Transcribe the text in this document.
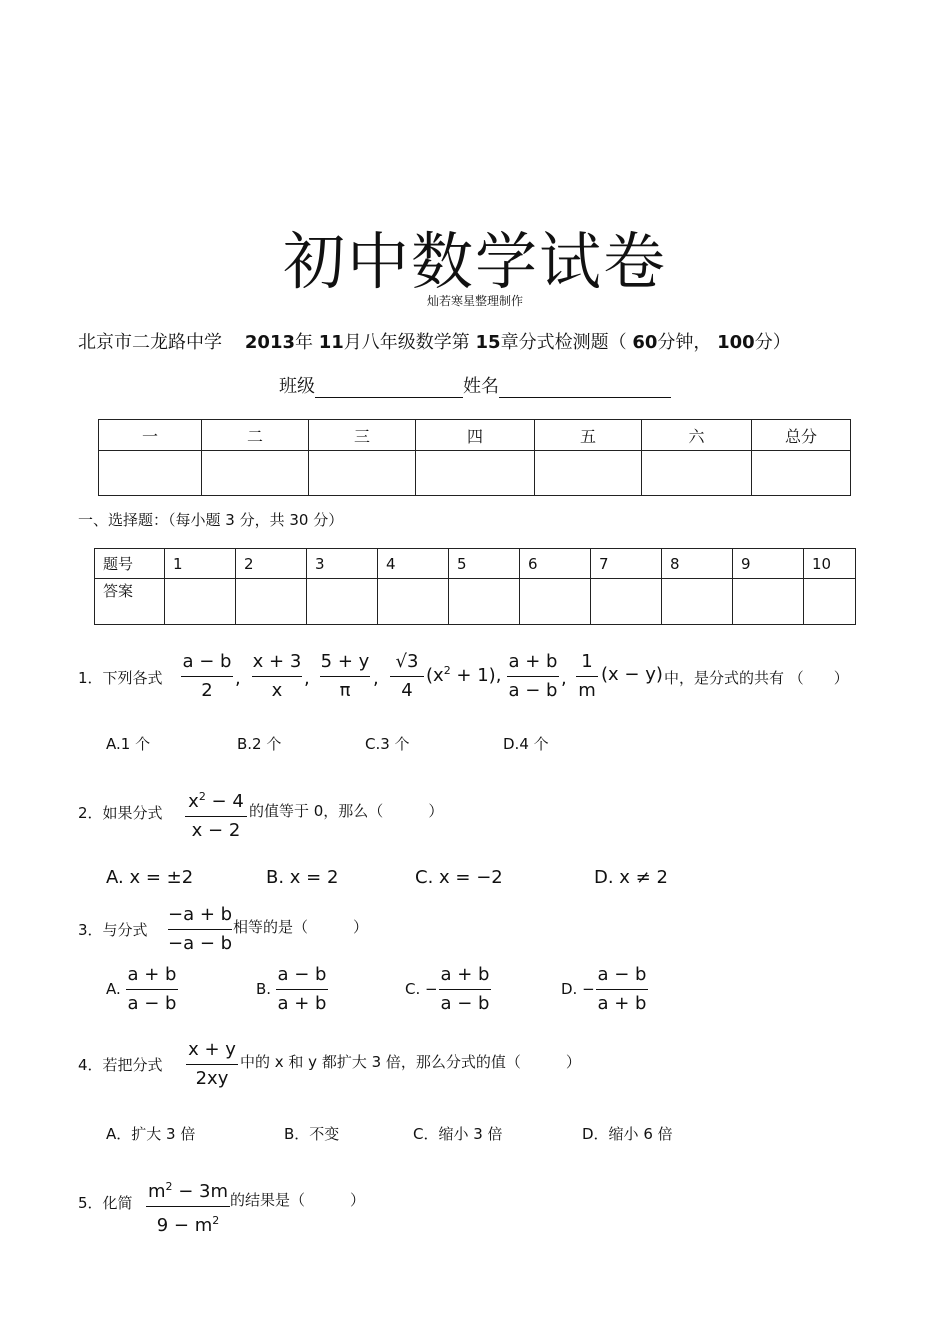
初中数学试卷
灿若寒星整理制作
北京市二龙路中学 2013年 11月八年级数学第 15章分式检测题（ 60分钟， 100分）
班级	姓名
一	二	三	四	五	六	总分

一、选择题：（每小题 3 分，共 30 分）
题号	1	2	3	4	5	6	7	8	9	10
答案										
1．下列各式
a − b
2
,
x + 3
x
,
5 + y
π
,
√3
4
$(x^2 + 1)$,
a + b
a − b
,
1
m
(x − y) 中，是分式的共有 （　　）
A.1 个	B.2 个	C.3 个	D.4 个
2．如果分式
$x^2 - 4$
x − 2
的值等于 0，那么（　　　）
A. x = ±2	B. x = 2	C. x = −2	D. x ≠ 2
3．与分式
−a + b
−a − b
相等的是（　　　）
A.
a + b
a − b
B.
a − b
a + b
C. −
a + b
a − b
D. −
a − b
a + b
4．若把分式
x + y
2xy
中的 x 和 y 都扩大 3 倍，那么分式的值（　　　）
A．扩大 3 倍	B．不变	C．缩小 3 倍	D．缩小 6 倍
5．化简
$m^2 - 3m$
$9 - m^2$
的结果是（　　　）
